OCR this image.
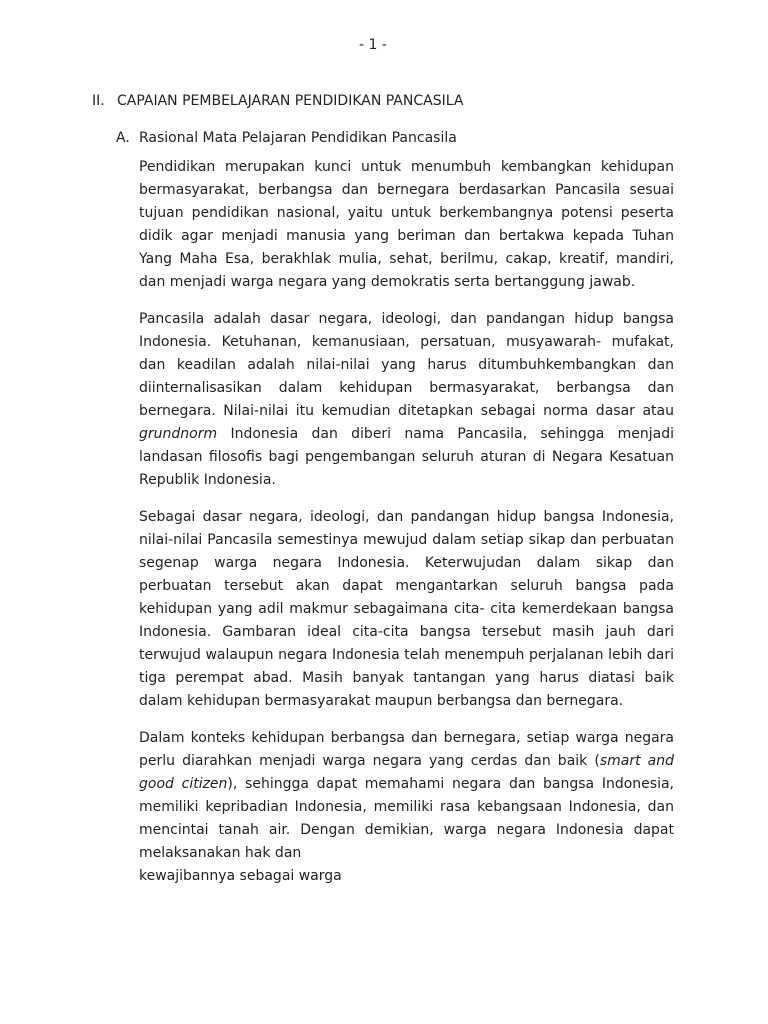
- 1 -
II. CAPAIAN PEMBELAJARAN PENDIDIKAN PANCASILA
A. Rasional Mata Pelajaran Pendidikan Pancasila

Pendidikan merupakan kunci untuk menumbuh kembangkan kehidupan bermasyarakat, berbangsa dan bernegara berdasarkan Pancasila sesuai tujuan pendidikan nasional, yaitu untuk berkembangnya potensi peserta didik agar menjadi manusia yang beriman dan bertakwa kepada Tuhan Yang Maha Esa, berakhlak mulia, sehat, berilmu, cakap, kreatif, mandiri, dan menjadi warga negara yang demokratis serta bertanggung jawab.

Pancasila adalah dasar negara, ideologi, dan pandangan hidup bangsa Indonesia. Ketuhanan, kemanusiaan, persatuan, musyawarah- mufakat, dan keadilan adalah nilai-nilai yang harus ditumbuhkembangkan dan diinternalisasikan dalam kehidupan bermasyarakat, berbangsa dan bernegara. Nilai-nilai itu kemudian ditetapkan sebagai norma dasar atau grundnorm Indonesia dan diberi nama Pancasila, sehingga menjadi landasan filosofis bagi pengembangan seluruh aturan di Negara Kesatuan Republik Indonesia.

Sebagai dasar negara, ideologi, dan pandangan hidup bangsa Indonesia, nilai-nilai Pancasila semestinya mewujud dalam setiap sikap dan perbuatan segenap warga negara Indonesia. Keterwujudan dalam sikap dan perbuatan tersebut akan dapat mengantarkan seluruh bangsa pada kehidupan yang adil makmur sebagaimana cita- cita kemerdekaan bangsa Indonesia. Gambaran ideal cita-cita bangsa tersebut masih jauh dari terwujud walaupun negara Indonesia telah menempuh perjalanan lebih dari tiga perempat abad. Masih banyak tantangan yang harus diatasi baik dalam kehidupan bermasyarakat maupun berbangsa dan bernegara.

Dalam konteks kehidupan berbangsa dan bernegara, setiap warga negara perlu diarahkan menjadi warga negara yang cerdas dan baik (smart and good citizen), sehingga dapat memahami negara dan bangsa Indonesia, memiliki kepribadian Indonesia, memiliki rasa kebangsaan Indonesia, dan mencintai tanah air. Dengan demikian, warga negara Indonesia dapat melaksanakan hak dan

kewajibannya sebagai warga
